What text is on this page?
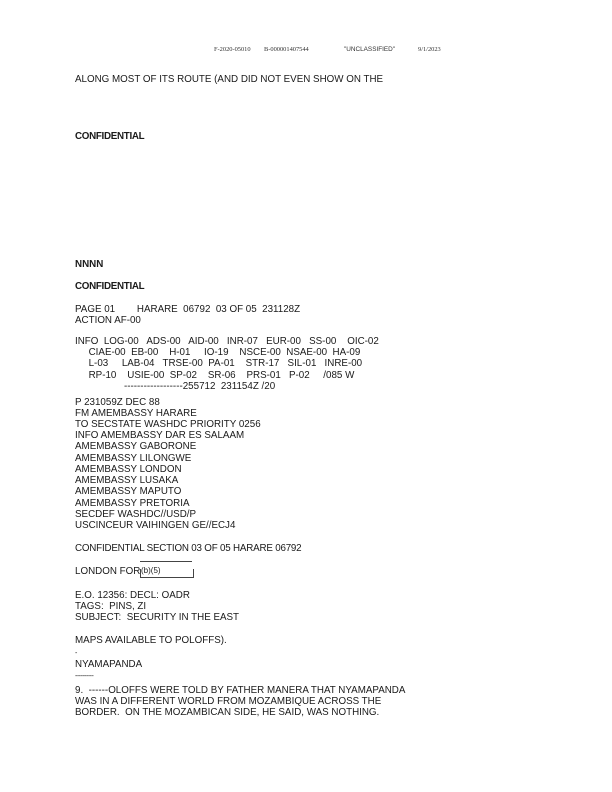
F-2020-05010 B-000001407544	"UNCLASSIFIED"	9/1/2023
ALONG MOST OF ITS ROUTE (AND DID NOT EVEN SHOW ON THE
CONFIDENTIAL
NNNN
CONFIDENTIAL
PAGE 01        HARARE  06792  03 OF 05  231128Z
ACTION AF-00
INFO  LOG-00   ADS-00   AID-00   INR-07   EUR-00   SS-00    OIC-02
CIAE-00  EB-00    H-01     IO-19    NSCE-00  NSAE-00  HA-09
L-03     LAB-04   TRSE-00  PA-01    STR-17   SIL-01   INRE-00
RP-10    USIE-00  SP-02    SR-06    PRS-01   P-02     /085 W
------------------255712  231154Z /20
P 231059Z DEC 88
FM AMEMBASSY HARARE
TO SECSTATE WASHDC PRIORITY 0256
INFO AMEMBASSY DAR ES SALAAM
AMEMBASSY GABORONE
AMEMBASSY LILONGWE
AMEMBASSY LONDON
AMEMBASSY LUSAKA
AMEMBASSY MAPUTO
AMEMBASSY PRETORIA
SECDEF WASHDC//USD/P
USCINCEUR VAIHINGEN GE//ECJ4
CONFIDENTIAL SECTION 03 OF 05 HARARE 06792
LONDON FOR (b)(5)
E.O. 12356: DECL: OADR
TAGS:  PINS, ZI
SUBJECT:  SECURITY IN THE EAST
MAPS AVAILABLE TO POLOFFS).
-
NYAMAPANDA
----------
9.  ------OLOFFS WERE TOLD BY FATHER MANERA THAT NYAMAPANDA
WAS IN A DIFFERENT WORLD FROM MOZAMBIQUE ACROSS THE
BORDER.  ON THE MOZAMBICAN SIDE, HE SAID, WAS NOTHING.
